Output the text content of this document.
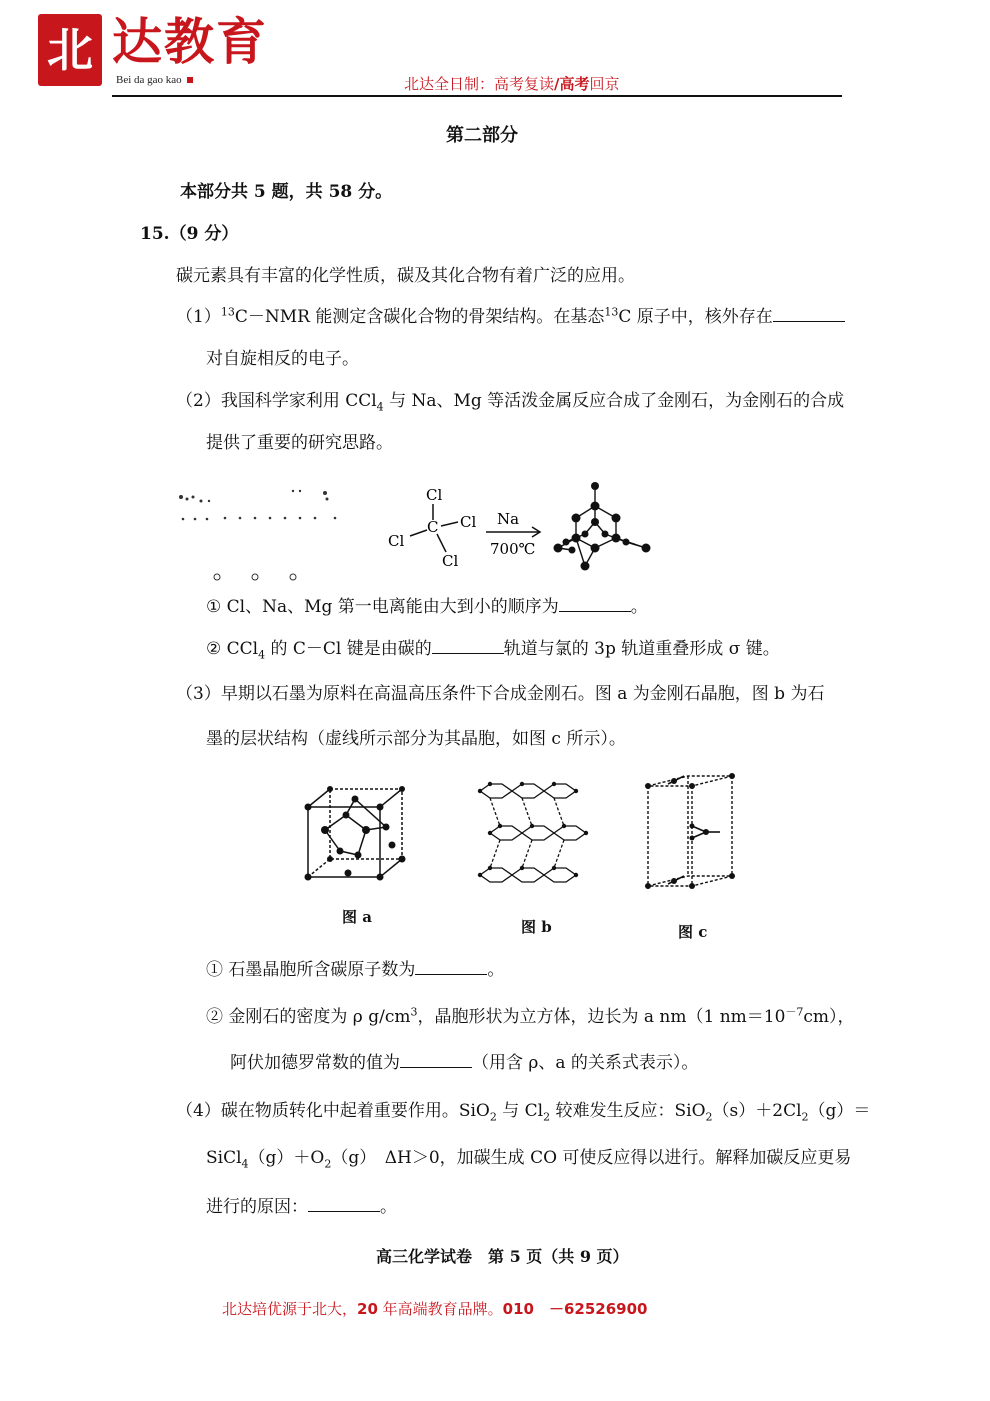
北 达教育
Bei da gao kao	北达全日制：高考复读/高考回京
第二部分
本部分共 5 题，共 58 分。
15.（9 分）
碳元素具有丰富的化学性质，碳及其化合物有着广泛的应用。
$(1)^{13}C-NMR$ 能测定含碳化合物的骨架结构。在基态$^{13}$C 原子中，核外存在
对自旋相反的电子。
（2）我国科学家利用 CCl$_4$ 与 Na、Mg 等活泼金属反应合成了金刚石，为金刚石的合成
提供了重要的研究思路。
Cl
C Cl
Cl
Cl
Na
700℃
① Cl、Na、Mg 第一电离能由大到小的顺序为	。
② CCl$_4$ 的 C－Cl 键是由碳的	轨道与氯的 3p 轨道重叠形成 σ 键。
（3）早期以石墨为原料在高温高压条件下合成金刚石。图 a 为金刚石晶胞，图 b 为石
墨的层状结构（虚线所示部分为其晶胞，如图 c 所示）。
图 a
图 b	图 c
① 石墨晶胞所含碳原子数为	。
② 金刚石的密度为 ρ $g/cm^3$，晶胞形状为立方体，边长为 a nm（1 $nm=10^{-7}cm$），
阿伏加德罗常数的值为	（用含 ρ、a 的关系式表示）。
（4）碳在物质转化中起着重要作用。SiO$_2$ 与 $Cl_2$ 较难发生反应：$SiO_2(s)+2Cl_2(g)=$
$SiCl_4(g)+O_2(g)$　ΔH＞0，加碳生成 CO 可使反应得以进行。解释加碳反应更易
进行的原因：	。
高三化学试卷　第 5 页（共 9 页）
北达培优源于北大，20 年高端教育品牌。010　－62526900
